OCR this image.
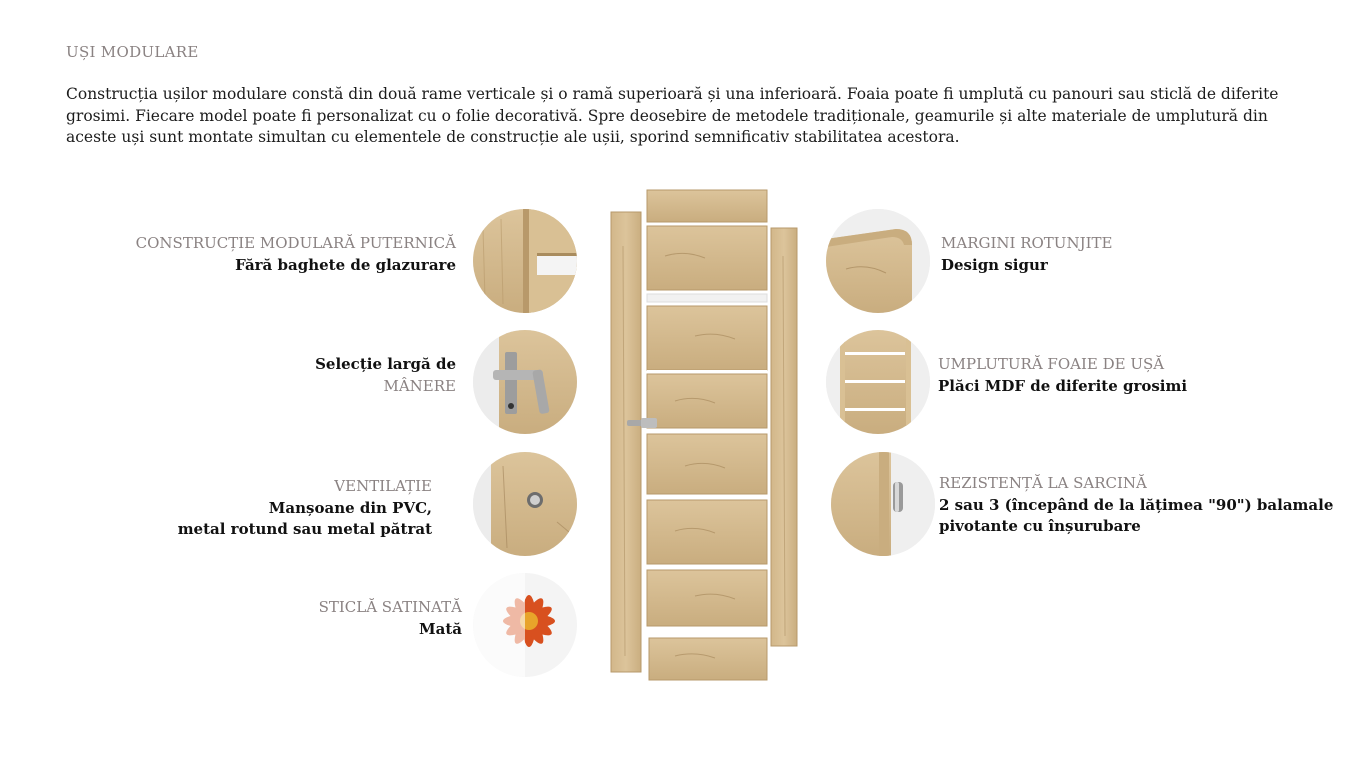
UȘI MODULARE
Construcția ușilor modulare constă din două rame verticale și o ramă superioară și una inferioară. Foaia poate fi umplută cu panouri sau sticlă de diferite grosimi. Fiecare model poate fi personalizat cu o folie decorativă. Spre deosebire de metodele tradiționale, geamurile și alte materiale de umplutură din aceste uși sunt montate simultan cu elementele de construcție ale ușii, sporind semnificativ stabilitatea acestora.
CONSTRUCȚIE MODULARĂ PUTERNICĂ
Fără baghete de glazurare
Selecție largă de
MÂNERE
VENTILAȚIE
Manșoane din PVC,
metal rotund sau metal pătrat
STICLĂ SATINATĂ
Mată
MARGINI ROTUNJITE
Design sigur
UMPLUTURĂ FOAIE DE UȘĂ
Plăci MDF de diferite grosimi
REZISTENȚĂ LA SARCINĂ
2 sau 3 (începând de la lățimea "90") balamale
pivotante cu înșurubare
